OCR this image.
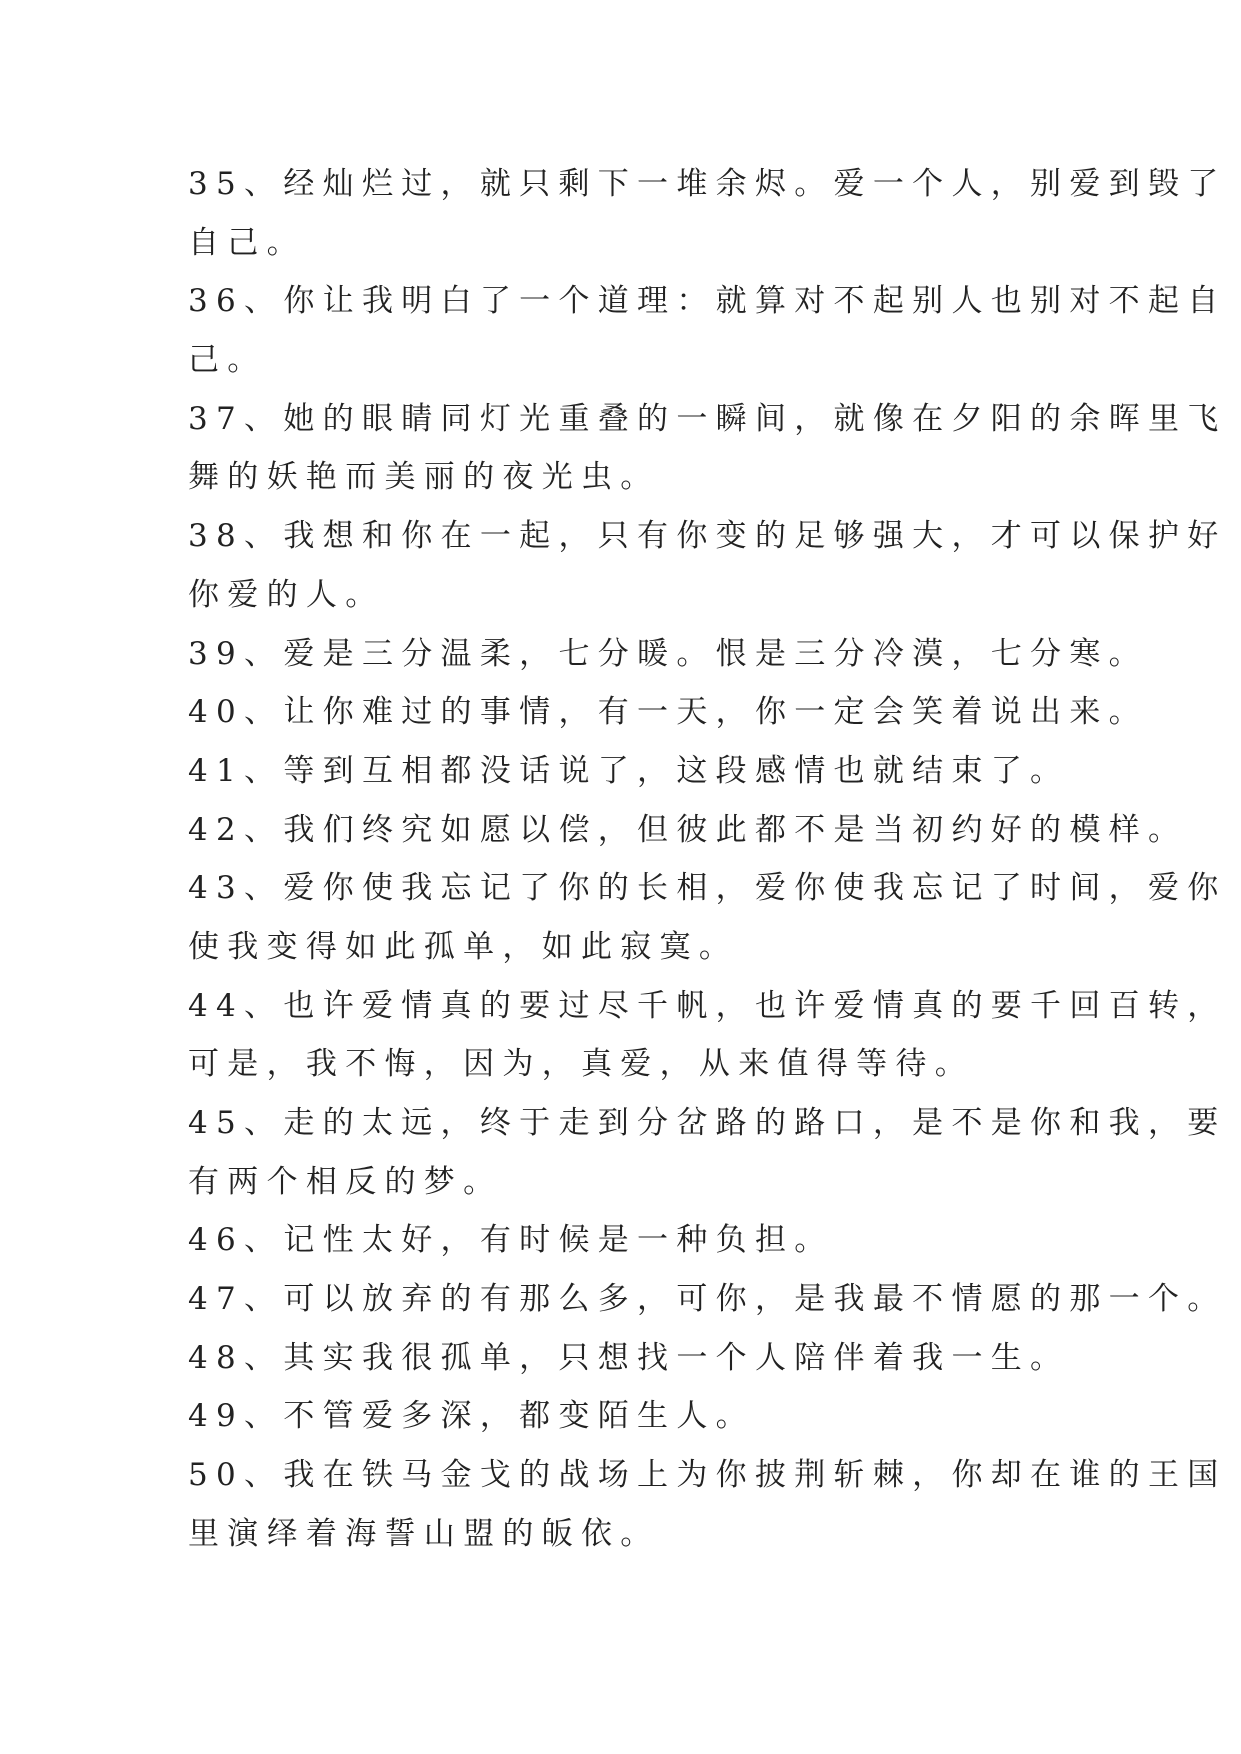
35、经灿烂过，就只剩下一堆余烬。爱一个人，别爱到毁了
自己。
36、你让我明白了一个道理：就算对不起别人也别对不起自
己。
37、她的眼睛同灯光重叠的一瞬间，就像在夕阳的余晖里飞
舞的妖艳而美丽的夜光虫。
38、我想和你在一起，只有你变的足够强大，才可以保护好
你爱的人。
39、爱是三分温柔，七分暖。恨是三分冷漠，七分寒。
40、让你难过的事情，有一天，你一定会笑着说出来。
41、等到互相都没话说了，这段感情也就结束了。
42、我们终究如愿以偿，但彼此都不是当初约好的模样。
43、爱你使我忘记了你的长相，爱你使我忘记了时间，爱你
使我变得如此孤单，如此寂寞。
44、也许爱情真的要过尽千帆，也许爱情真的要千回百转，
可是，我不悔，因为，真爱，从来值得等待。
45、走的太远，终于走到分岔路的路口，是不是你和我，要
有两个相反的梦。
46、记性太好，有时候是一种负担。
47、可以放弃的有那么多，可你，是我最不情愿的那一个。
48、其实我很孤单，只想找一个人陪伴着我一生。
49、不管爱多深，都变陌生人。
50、我在铁马金戈的战场上为你披荆斩棘，你却在谁的王国
里演绎着海誓山盟的皈依。
